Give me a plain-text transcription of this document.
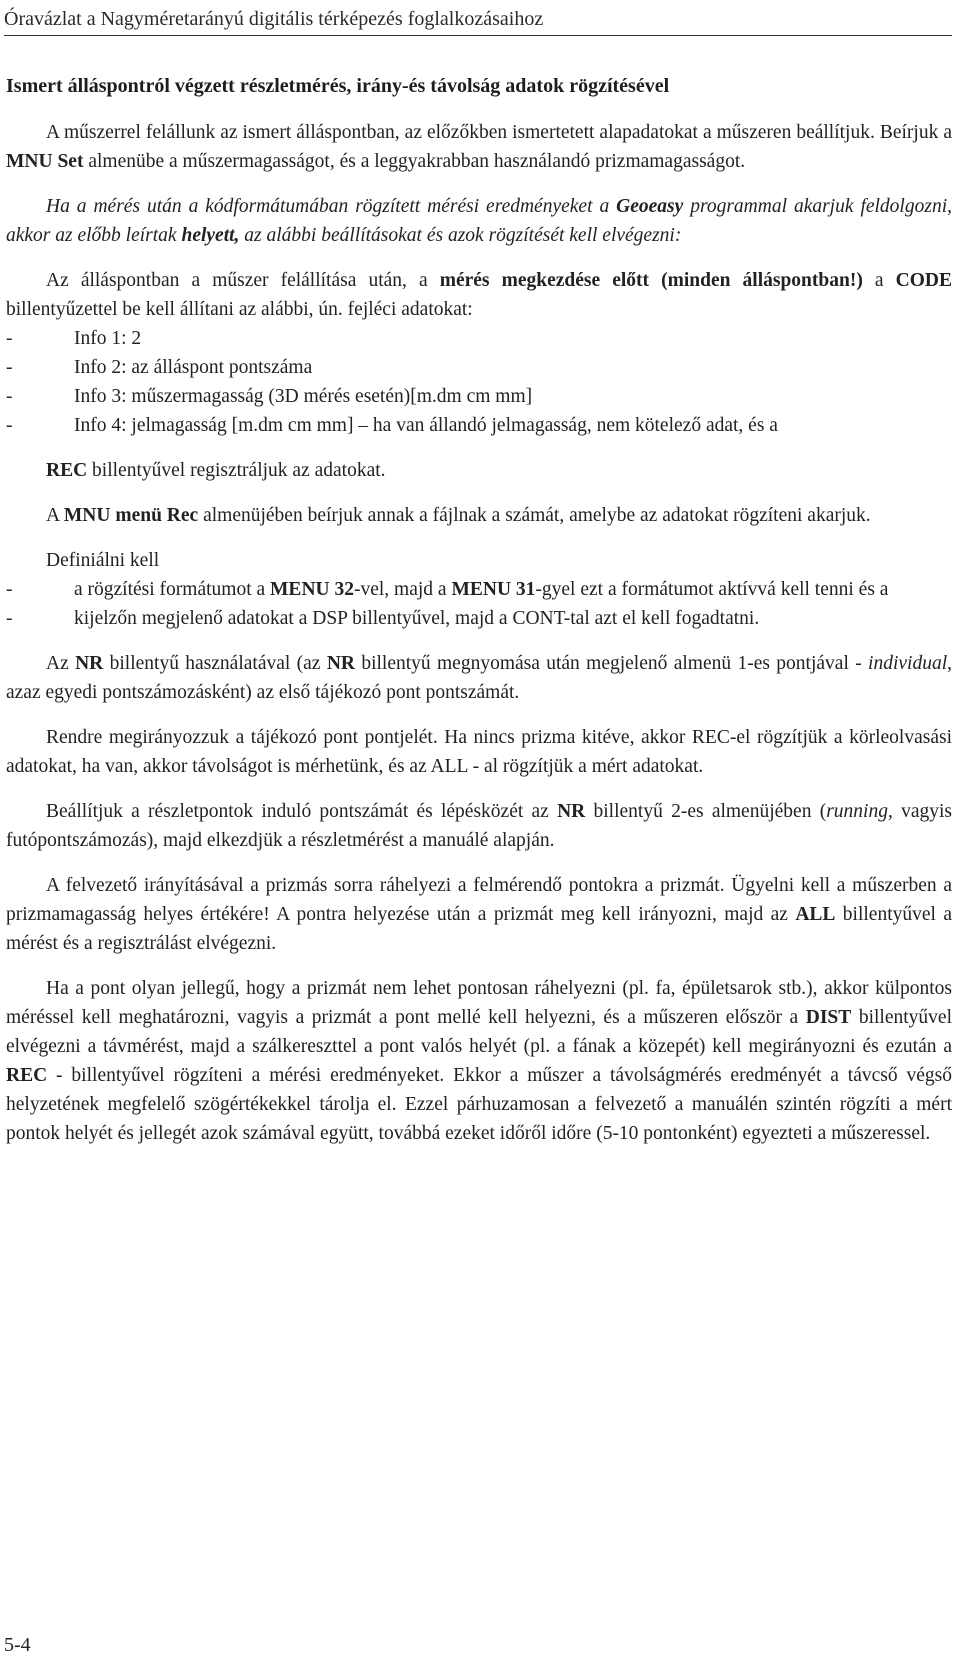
Óravázlat a Nagyméretarányú digitális térképezés foglalkozásaihoz
Ismert álláspontról végzett részletmérés, irány-és távolság adatok rögzítésével

A műszerrel felállunk az ismert álláspontban, az előzőkben ismertetett alapadatokat a műszeren beállítjuk. Beírjuk a MNU Set almenübe a műszermagasságot, és a leggyakrabban használandó prizmamagasságot.

Ha a mérés után a kódformátumában rögzített mérési eredményeket a Geoeasy programmal akarjuk feldolgozni, akkor az előbb leírtak helyett, az alábbi beállításokat és azok rögzítését kell elvégezni:

Az álláspontban a műszer felállítása után, a mérés megkezdése előtt (minden álláspontban!) a CODE billentyűzettel be kell állítani az alábbi, ún. fejléci adatokat:

- Info 1: 2
- Info 2: az álláspont pontszáma
- Info 3: műszermagasság (3D mérés esetén)[m.dm cm mm]
- Info 4: jelmagasság [m.dm cm mm] – ha van állandó jelmagasság, nem kötelező adat, és a

REC billentyűvel regisztráljuk az adatokat.

A MNU menü Rec almenüjében beírjuk annak a fájlnak a számát, amelybe az adatokat rögzíteni akarjuk.

Definiálni kell

- a rögzítési formátumot a MENU 32-vel, majd a MENU 31-gyel ezt a formátumot aktívvá kell tenni és a
- kijelzőn megjelenő adatokat a DSP billentyűvel, majd a CONT-tal azt el kell fogadtatni.

Az NR billentyű használatával (az NR billentyű megnyomása után megjelenő almenü 1-es pontjával - individual, azaz egyedi pontszámozásként) az első tájékozó pont pontszámát.

Rendre megirányozzuk a tájékozó pont pontjelét. Ha nincs prizma kitéve, akkor REC-el rögzítjük a körleolvasási adatokat, ha van, akkor távolságot is mérhetünk, és az ALL - al rögzítjük a mért adatokat.

Beállítjuk a részletpontok induló pontszámát és lépésközét az NR billentyű 2-es almenüjében (running, vagyis futópontszámozás), majd elkezdjük a részletmérést a manuálé alapján.

A felvezető irányításával a prizmás sorra ráhelyezi a felmérendő pontokra a prizmát. Ügyelni kell a műszerben a prizmamagasság helyes értékére! A pontra helyezése után a prizmát meg kell irányozni, majd az ALL billentyűvel a mérést és a regisztrálást elvégezni.

Ha a pont olyan jellegű, hogy a prizmát nem lehet pontosan ráhelyezni (pl. fa, épületsarok stb.), akkor külpontos méréssel kell meghatározni, vagyis a prizmát a pont mellé kell helyezni, és a műszeren először a DIST billentyűvel elvégezni a távmérést, majd a szálkereszttel a pont valós helyét (pl. a fának a közepét) kell megirányozni és ezután a REC - billentyűvel rögzíteni a mérési eredményeket. Ekkor a műszer a távolságmérés eredményét a távcső végső helyzetének megfelelő szögértékekkel tárolja el. Ezzel párhuzamosan a felvezető a manuálén szintén rögzíti a mért pontok helyét és jellegét azok számával együtt, továbbá ezeket időről időre (5-10 pontonként) egyezteti a műszeressel.

5-4
